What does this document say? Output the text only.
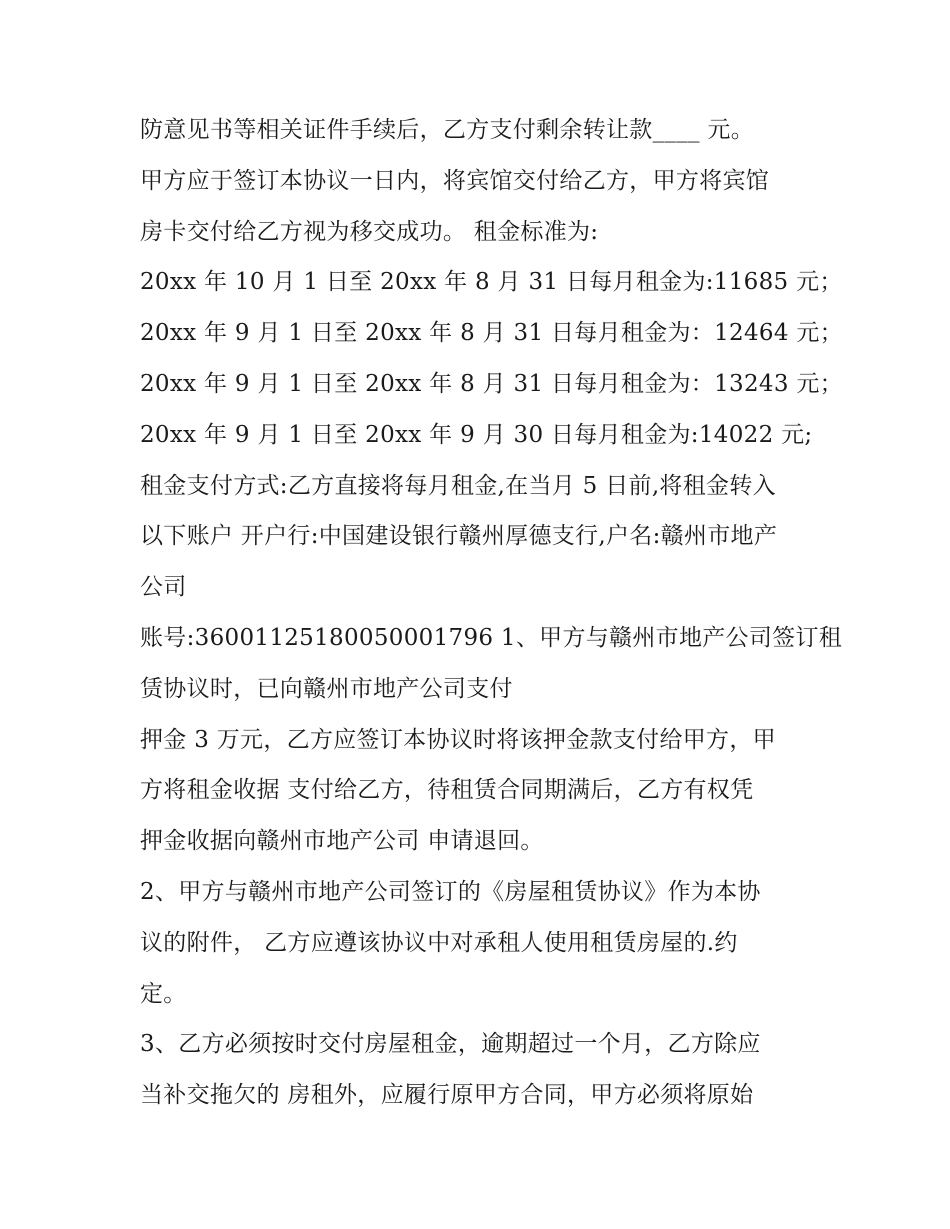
防意见书等相关证件手续后，乙方支付剩余转让款____ 元。
甲方应于签订本协议一日内，将宾馆交付给乙方，甲方将宾馆
房卡交付给乙方视为移交成功。 租金标准为:
20xx 年 10 月 1 日至 20xx 年 8 月 31 日每月租金为:11685 元；
20xx 年 9 月 1 日至 20xx 年 8 月 31 日每月租金为：12464 元；
20xx 年 9 月 1 日至 20xx 年 8 月 31 日每月租金为：13243 元；
20xx 年 9 月 1 日至 20xx 年 9 月 30 日每月租金为:14022 元;
租金支付方式:乙方直接将每月租金,在当月 5 日前,将租金转入
以下账户 开户行:中国建设银行赣州厚德支行,户名:赣州市地产
公司
账号:36001125180050001796 1、甲方与赣州市地产公司签订租
赁协议时，已向赣州市地产公司支付
押金 3 万元，乙方应签订本协议时将该押金款支付给甲方，甲
方将租金收据 支付给乙方，待租赁合同期满后，乙方有权凭
押金收据向赣州市地产公司 申请退回。
2、甲方与赣州市地产公司签订的《房屋租赁协议》作为本协
议的附件， 乙方应遵该协议中对承租人使用租赁房屋的.约
定。
3、乙方必须按时交付房屋租金，逾期超过一个月，乙方除应
当补交拖欠的 房租外，应履行原甲方合同，甲方必须将原始
